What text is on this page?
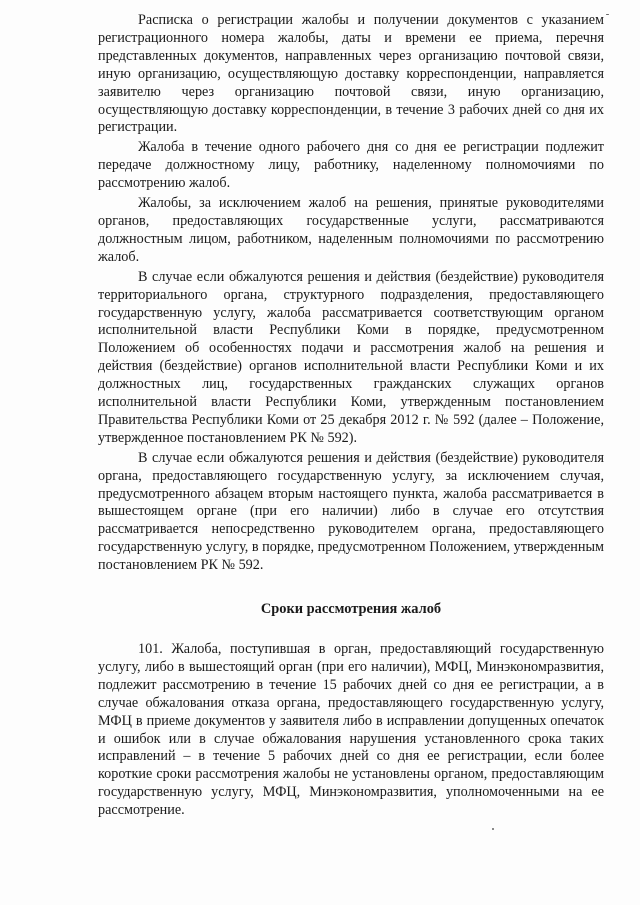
Расписка о регистрации жалобы и получении документов с указанием регистрационного номера жалобы, даты и времени ее приема, перечня представленных документов, направленных через организацию почтовой связи, иную организацию, осуществляющую доставку корреспонденции, направляется заявителю через организацию почтовой связи, иную организацию, осуществляющую доставку корреспонденции, в течение 3 рабочих дней со дня их регистрации.

Жалоба в течение одного рабочего дня со дня ее регистрации подлежит передаче должностному лицу, работнику, наделенному полномочиями по рассмотрению жалоб.

Жалобы, за исключением жалоб на решения, принятые руководителями органов, предоставляющих государственные услуги, рассматриваются должностным лицом, работником, наделенным полномочиями по рассмотрению жалоб.

В случае если обжалуются решения и действия (бездействие) руководителя территориального органа, структурного подразделения, предоставляющего государственную услугу, жалоба рассматривается соответствующим органом исполнительной власти Республики Коми в порядке, предусмотренном Положением об особенностях подачи и рассмотрения жалоб на решения и действия (бездействие) органов исполнительной власти Республики Коми и их должностных лиц, государственных гражданских служащих органов исполнительной власти Республики Коми, утвержденным постановлением Правительства Республики Коми от 25 декабря 2012 г. № 592 (далее – Положение, утвержденное постановлением РК № 592).

В случае если обжалуются решения и действия (бездействие) руководителя органа, предоставляющего государственную услугу, за исключением случая, предусмотренного абзацем вторым настоящего пункта, жалоба рассматривается в вышестоящем органе (при его наличии) либо в случае его отсутствия рассматривается непосредственно руководителем органа, предоставляющего государственную услугу, в порядке, предусмотренном Положением, утвержденным постановлением РК № 592.

Сроки рассмотрения жалоб

101. Жалоба, поступившая в орган, предоставляющий государственную услугу, либо в вышестоящий орган (при его наличии), МФЦ, Минэкономразвития, подлежит рассмотрению в течение 15 рабочих дней со дня ее регистрации, а в случае обжалования отказа органа, предоставляющего государственную услугу, МФЦ в приеме документов у заявителя либо в исправлении допущенных опечаток и ошибок или в случае обжалования нарушения установленного срока таких исправлений – в течение 5 рабочих дней со дня ее регистрации, если более короткие сроки рассмотрения жалобы не установлены органом, предоставляющим государственную услугу, МФЦ, Минэкономразвития, уполномоченными на ее рассмотрение.
